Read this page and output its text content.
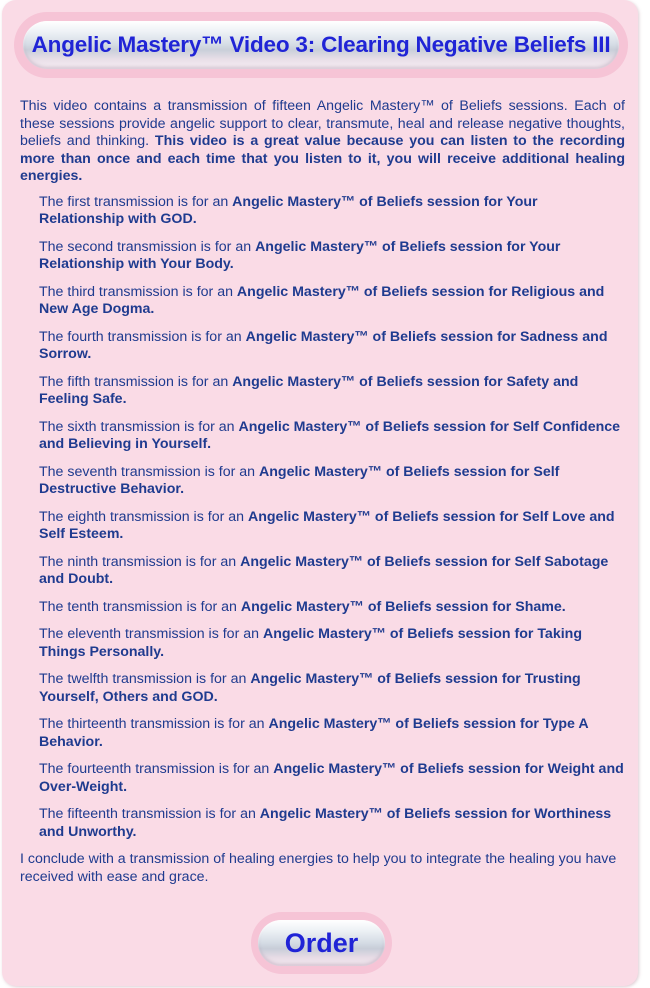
Angelic Mastery™ Video 3: Clearing Negative Beliefs III

This video contains a transmission of fifteen Angelic Mastery™ of Beliefs sessions. Each of these sessions provide angelic support to clear, transmute, heal and release negative thoughts, beliefs and thinking. This video is a great value because you can listen to the recording more than once and each time that you listen to it, you will receive additional healing energies.

The first transmission is for an Angelic Mastery™ of Beliefs session for Your Relationship with GOD.

The second transmission is for an Angelic Mastery™ of Beliefs session for Your Relationship with Your Body.

The third transmission is for an Angelic Mastery™ of Beliefs session for Religious and New Age Dogma.

The fourth transmission is for an Angelic Mastery™ of Beliefs session for Sadness and Sorrow.

The fifth transmission is for an Angelic Mastery™ of Beliefs session for Safety and Feeling Safe.

The sixth transmission is for an Angelic Mastery™ of Beliefs session for Self Confidence and Believing in Yourself.

The seventh transmission is for an Angelic Mastery™ of Beliefs session for Self Destructive Behavior.

The eighth transmission is for an Angelic Mastery™ of Beliefs session for Self Love and Self Esteem.

The ninth transmission is for an Angelic Mastery™ of Beliefs session for Self Sabotage and Doubt.

The tenth transmission is for an Angelic Mastery™ of Beliefs session for Shame.

The eleventh transmission is for an Angelic Mastery™ of Beliefs session for Taking Things Personally.

The twelfth transmission is for an Angelic Mastery™ of Beliefs session for Trusting Yourself, Others and GOD.

The thirteenth transmission is for an Angelic Mastery™ of Beliefs session for Type A Behavior.

The fourteenth transmission is for an Angelic Mastery™ of Beliefs session for Weight and Over-Weight.

The fifteenth transmission is for an Angelic Mastery™ of Beliefs session for Worthiness and Unworthy.

I conclude with a transmission of healing energies to help you to integrate the healing you have received with ease and grace.

Order
